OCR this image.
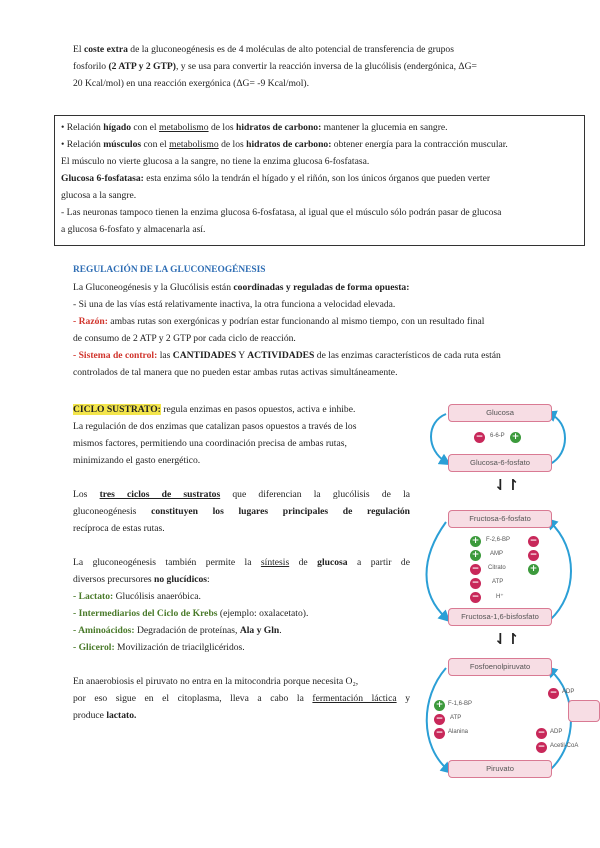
El coste extra de la gluconeogénesis es de 4 moléculas de alto potencial de transferencia de grupos
fosforilo (2 ATP y 2 GTP), y se usa para convertir la reacción inversa de la glucólisis (endergónica, ΔG=
20 Kcal/mol) en una reacción exergónica (ΔG= -9 Kcal/mol).
• Relación hígado con el metabolismo de los hidratos de carbono: mantener la glucemia en sangre.
• Relación músculos con el metabolismo de los hidratos de carbono: obtener energía para la contracción muscular.
El músculo no vierte glucosa a la sangre, no tiene la enzima glucosa 6-fosfatasa.
Glucosa 6-fosfatasa: esta enzima sólo la tendrán el hígado y el riñón, son los únicos órganos que pueden verter
glucosa a la sangre.
- Las neuronas tampoco tienen la enzima glucosa 6-fosfatasa, al igual que el músculo sólo podrán pasar de glucosa
a glucosa 6-fosfato y almacenarla así.
REGULACIÓN DE LA GLUCONEOGÉNESIS
La Gluconeogénesis y la Glucólisis están coordinadas y reguladas de forma opuesta:
- Si una de las vías está relativamente inactiva, la otra funciona a velocidad elevada.
- Razón: ambas rutas son exergónicas y podrían estar funcionando al mismo tiempo, con un resultado final
de consumo de 2 ATP y 2 GTP por cada ciclo de reacción.
- Sistema de control: las CANTIDADES Y ACTIVIDADES de las enzimas característicos de cada ruta están
controlados de tal manera que no pueden estar ambas rutas activas simultáneamente.
CICLO SUSTRATO: regula enzimas en pasos opuestos, activa e inhibe.
La regulación de dos enzimas que catalizan pasos opuestos a través de los
mismos factores, permitiendo una coordinación precisa de ambas rutas,
minimizando el gasto energético.
Los tres ciclos de sustratos que diferencian la glucólisis de la
gluconeogénesis constituyen los lugares principales de regulación
recíproca de estas rutas.
La gluconeogénesis también permite la síntesis de glucosa a partir de
diversos precursores no glucídicos:
- Lactato: Glucólisis anaeróbica.
- Intermediarios del Ciclo de Krebs (ejemplo: oxalacetato).
- Aminoácidos: Degradación de proteínas, Ala y Gln.
- Glicerol: Movilización de triacilglicéridos.
En anaerobiosis el piruvato no entra en la mitocondria porque necesita O₂,
por eso sigue en el citoplasma, lleva a cabo la fermentación láctica y
produce lactato.
Glucosa
− 6-6-P +
Glucosa-6-fosfato
⇃↾
Fructosa-6-fosfato
+ F-2,6-BP −
+ AMP	−
− Citrato	+
− ATP
−	H⁺
Fructosa-1,6-bisfosfato
⇃↾
Fosfoenolpiruvato
− ADP
+ F-1,6-BP
− ATP
− Alanina	− ADP
− Acetil-CoA
Piruvato
